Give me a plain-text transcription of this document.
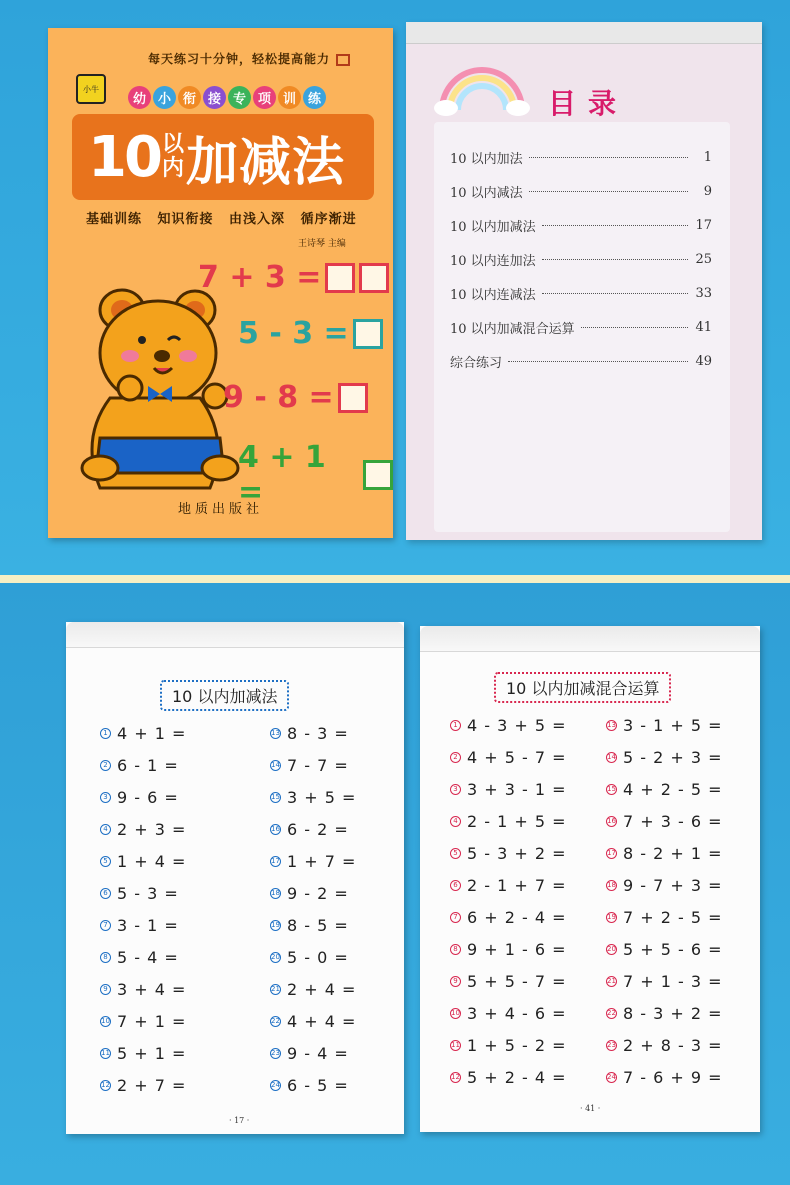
小牛
每天练习十分钟，轻松提高能力
幼 小 衔 接 专 项 训 练
10 以
内 加减法
基础训练 知识衔接 由浅入深 循序渐进
王诗琴 主编
7 + 3 =
5 - 3 =
9 - 8 =
4 + 1 =
地质出版社
目录
10 以内加法	1
10 以内减法	9
10 以内加减法	17
10 以内连加法	25
10 以内连减法	33
10 以内加减混合运算	41
综合练习	49
10 以内加减法
· 17 ·
1 4 + 1 =
2 6 - 1 =
3 9 - 6 =
4 2 + 3 =
5 1 + 4 =
6 5 - 3 =
7 3 - 1 =
8 5 - 4 =
9 3 + 4 =
10 7 + 1 =
11 5 + 1 =
12 2 + 7 =
13 8 - 3 =
14 7 - 7 =
15 3 + 5 =
16 6 - 2 =
17 1 + 7 =
18 9 - 2 =
19 8 - 5 =
20 5 - 0 =
21 2 + 4 =
22 4 + 4 =
23 9 - 4 =
24 6 - 5 =
10 以内加减混合运算
· 41 ·
1 4 - 3 + 5 =
2 4 + 5 - 7 =
3 3 + 3 - 1 =
4 2 - 1 + 5 =
5 5 - 3 + 2 =
6 2 - 1 + 7 =
7 6 + 2 - 4 =
8 9 + 1 - 6 =
9 5 + 5 - 7 =
10 3 + 4 - 6 =
11 1 + 5 - 2 =
12 5 + 2 - 4 =
13 3 - 1 + 5 =
14 5 - 2 + 3 =
15 4 + 2 - 5 =
16 7 + 3 - 6 =
17 8 - 2 + 1 =
18 9 - 7 + 3 =
19 7 + 2 - 5 =
20 5 + 5 - 6 =
21 7 + 1 - 3 =
22 8 - 3 + 2 =
23 2 + 8 - 3 =
24 7 - 6 + 9 =
